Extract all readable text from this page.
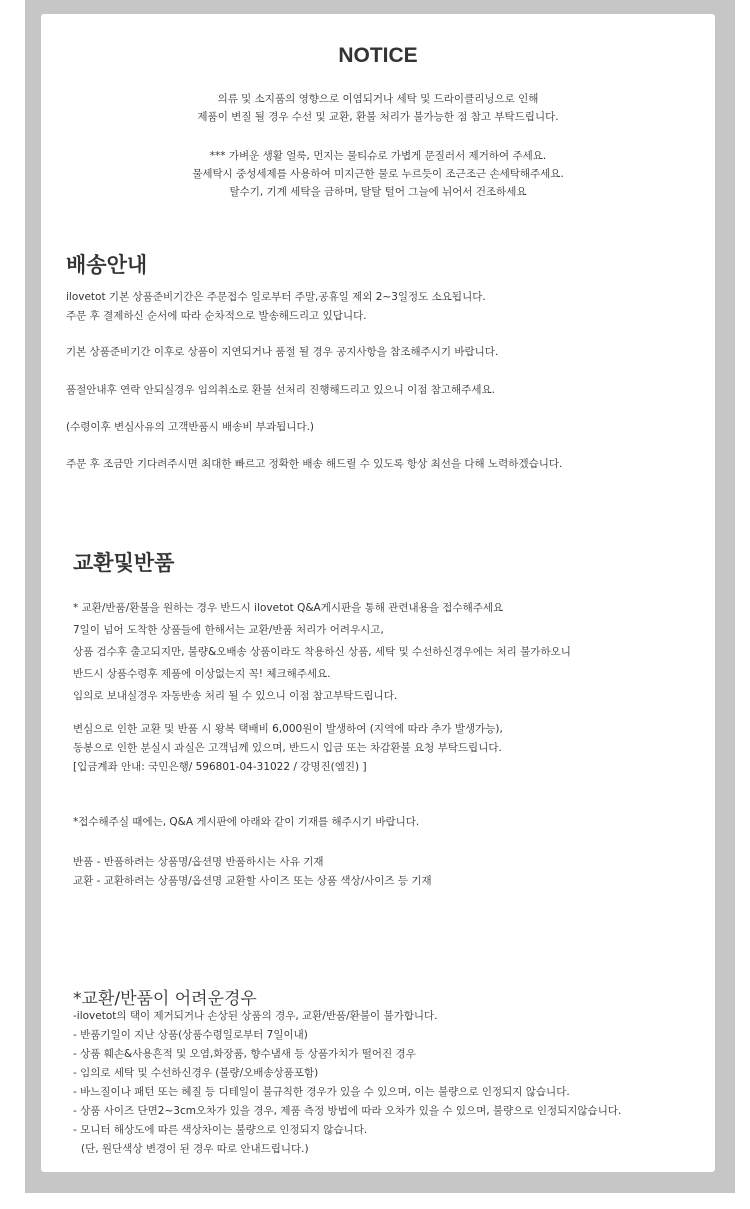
NOTICE
의류 및 소지품의 영향으로 이염되거나 세탁 및 드라이클리닝으로 인해
제품이 변질 될 경우 수선 및 교환, 환불 처리가 불가능한 점 참고 부탁드립니다.
*** 가벼운 생활 얼룩, 먼지는 물티슈로 가볍게 문질러서 제거하여 주세요.
물세탁시 중성세제를 사용하여 미지근한 물로 누르듯이 조근조근 손세탁해주세요.
탈수기, 기계 세탁을 금하며, 탈탈 털어 그늘에 뉘어서 건조하세요
배송안내
ilovetot 기본 상품준비기간은 주문접수 일로부터 주말,공휴일 제외 2~3일정도 소요됩니다.
주문 후 결제하신 순서에 따라 순차적으로 발송해드리고 있답니다.
기본 상품준비기간 이후로 상품이 지연되거나 품절 될 경우 공지사항을 참조해주시기 바랍니다.
품절안내후 연락 안되실경우 임의취소로 환불 선처리 진행해드리고 있으니 이점 참고해주세요.
(수령이후 변심사유의 고객반품시 배송비 부과됩니다.)
주문 후 조금만 기다려주시면 최대한 빠르고 정확한 배송 해드릴 수 있도록 항상 최선을 다해 노력하겠습니다.
교환및반품
* 교환/반품/환불을 원하는 경우 반드시 ilovetot Q&A게시판을 통해 관련내용을 접수해주세요
7일이 넘어 도착한 상품들에 한해서는 교환/반품 처리가 어려우시고,
상품 검수후 출고되지만, 불량&오배송 상품이라도 착용하신 상품, 세탁 및 수선하신경우에는 처리 불가하오니
반드시 상품수령후 제품에 이상없는지 꼭! 체크해주세요.
임의로 보내실경우 자동반송 처리 될 수 있으니 이점 참고부탁드립니다.
변심으로 인한 교환 및 반품 시 왕복 택배비 6,000원이 발생하여 (지역에 따라 추가 발생가능),
동봉으로 인한 분실시 과실은 고객님께 있으며, 반드시 입금 또는 차감환불 요청 부탁드립니다.
[입금계좌 안내: 국민은행/ 596801-04-31022 / 강명진(엠진) ]
*접수해주실 때에는, Q&A 게시판에 아래와 같이 기재를 해주시기 바랍니다.
반품 - 반품하려는 상품명/옵션명 반품하시는 사유 기재
교환 - 교환하려는 상품명/옵션명 교환할 사이즈 또는 상품 색상/사이즈 등 기재
*교환/반품이 어려운경우
-ilovetot의 택이 제거되거나 손상된 상품의 경우, 교환/반품/환불이 불가합니다.
- 반품기일이 지난 상품(상품수령일로부터 7일이내)
- 상품 훼손&사용흔적 및 오염,화장품, 향수냄새 등 상품가치가 떨어진 경우
- 임의로 세탁 및 수선하신경우 (불량/오배송상품포함)
- 바느질이나 패턴 또는 헤질 등 디테일이 불규칙한 경우가 있을 수 있으며, 이는 불량으로 인정되지 않습니다.
- 상품 사이즈 단면2~3cm오차가 있을 경우, 제품 측정 방법에 따라 오차가 있을 수 있으며, 불량으로 인정되지않습니다.
- 모니터 해상도에 따른 색상차이는 불량으로 인정되지 않습니다.
(단, 원단색상 변경이 된 경우 따로 안내드립니다.)
